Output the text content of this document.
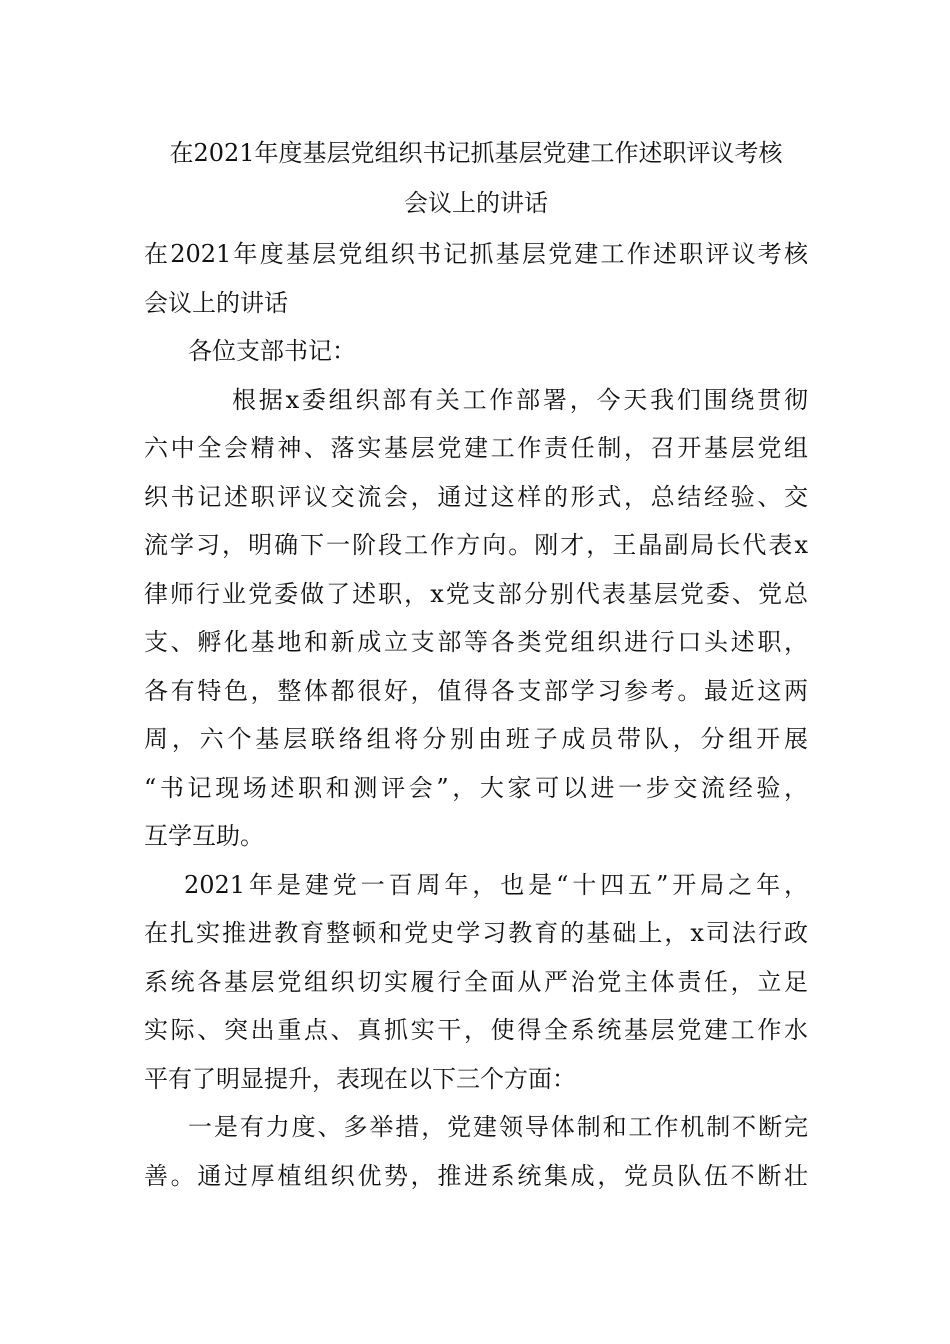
在2021年度基层党组织书记抓基层党建工作述职评议考核
会议上的讲话
在2021年度基层党组织书记抓基层党建工作述职评议考核
会议上的讲话
各位支部书记：
根据x委组织部有关工作部署，今天我们围绕贯彻
六中全会精神、落实基层党建工作责任制，召开基层党组
织书记述职评议交流会，通过这样的形式，总结经验、交
流学习，明确下一阶段工作方向。刚才，王晶副局长代表x
律师行业党委做了述职，x党支部分别代表基层党委、党总
支、孵化基地和新成立支部等各类党组织进行口头述职，
各有特色，整体都很好，值得各支部学习参考。最近这两
周，六个基层联络组将分别由班子成员带队，分组开展
“书记现场述职和测评会”，大家可以进一步交流经验，
互学互助。
2021年是建党一百周年，也是“十四五”开局之年，
在扎实推进教育整顿和党史学习教育的基础上，x司法行政
系统各基层党组织切实履行全面从严治党主体责任，立足
实际、突出重点、真抓实干，使得全系统基层党建工作水
平有了明显提升，表现在以下三个方面：
一是有力度、多举措，党建领导体制和工作机制不断完
善。通过厚植组织优势，推进系统集成，党员队伍不断壮
